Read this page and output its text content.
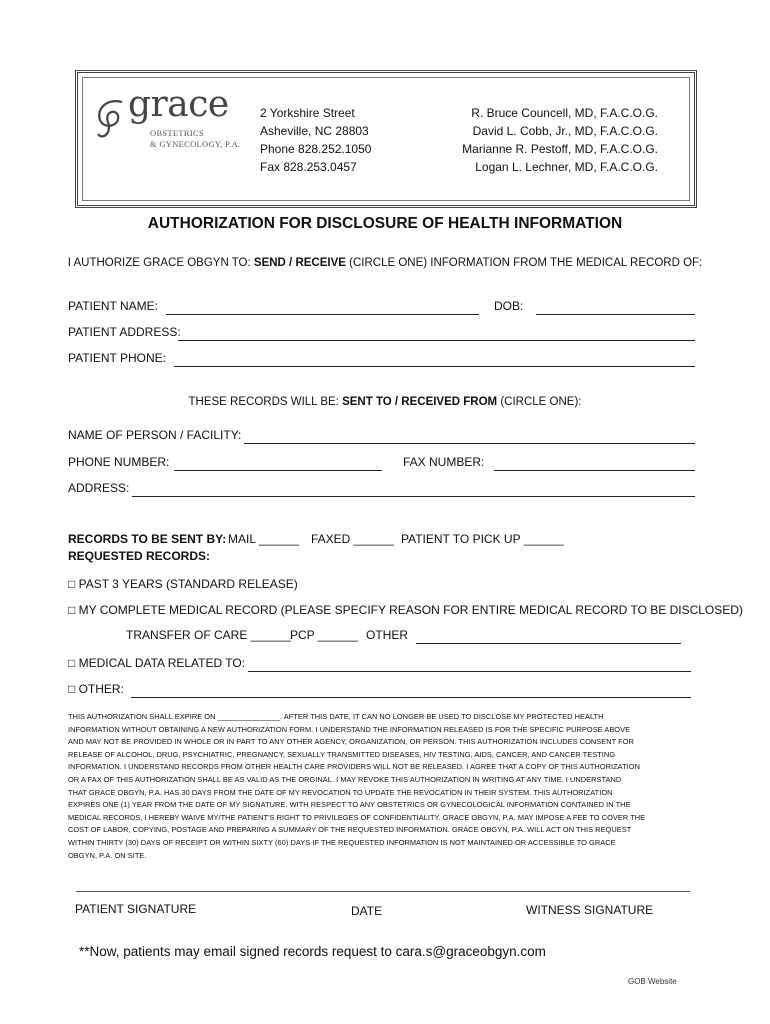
grace
OBSTETRICS
& GYNECOLOGY, P.A.
2 Yorkshire Street
Asheville, NC 28803
Phone 828.252.1050
Fax 828.253.0457
R. Bruce Councell, MD, F.A.C.O.G.
David L. Cobb, Jr., MD, F.A.C.O.G.
Marianne R. Pestoff, MD, F.A.C.O.G.
Logan L. Lechner, MD, F.A.C.O.G.
AUTHORIZATION FOR DISCLOSURE OF HEALTH INFORMATION
I AUTHORIZE GRACE OBGYN TO: SEND / RECEIVE (CIRCLE ONE) INFORMATION FROM THE MEDICAL RECORD OF:
PATIENT NAME:	DOB:
PATIENT ADDRESS:
PATIENT PHONE:
THESE RECORDS WILL BE: SENT TO / RECEIVED FROM (CIRCLE ONE):
NAME OF PERSON / FACILITY:
PHONE NUMBER:	FAX NUMBER:
ADDRESS:
RECORDS TO BE SENT BY: MAIL ______ FAXED ______ PATIENT TO PICK UP ______
REQUESTED RECORDS:
□ PAST 3 YEARS (STANDARD RELEASE)
□ MY COMPLETE MEDICAL RECORD (PLEASE SPECIFY REASON FOR ENTIRE MEDICAL RECORD TO BE DISCLOSED)
TRANSFER OF CARE ______ PCP ______ OTHER
□ MEDICAL DATA RELATED TO:
□ OTHER:
THIS AUTHORIZATION SHALL EXPIRE ON _______________. AFTER THIS DATE, IT CAN NO LONGER BE USED TO DISCLOSE MY PROTECTED HEALTH
INFORMATION WITHOUT OBTAINING A NEW AUTHORIZATION FORM. I UNDERSTAND THE INFORMATION RELEASED IS FOR THE SPECIFIC PURPOSE ABOVE
AND MAY NOT BE PROVIDED IN WHOLE OR IN PART TO ANY OTHER AGENCY, ORGANIZATION, OR PERSON. THIS AUTHORIZATION INCLUDES CONSENT FOR
RELEASE OF ALCOHOL, DRUG, PSYCHIATRIC, PREGNANCY, SEXUALLY TRANSMITTED DISEASES, HIV TESTING, AIDS, CANCER, AND CANCER TESTING
INFORMATION. I UNDERSTAND RECORDS FROM OTHER HEALTH CARE PROVIDERS WILL NOT BE RELEASED. I AGREE THAT A COPY OF THIS AUTHORIZATION
OR A FAX OF THIS AUTHORIZATION SHALL BE AS VALID AS THE ORGINAL. I MAY REVOKE THIS AUTHORIZATION IN WRITING AT ANY TIME. I UNDERSTAND
THAT GRACE OBGYN, P.A. HAS 30 DAYS FROM THE DATE OF MY REVOCATION TO UPDATE THE REVOCATION IN THEIR SYSTEM. THIS AUTHORIZATION
EXPIRES ONE (1) YEAR FROM THE DATE OF MY SIGNATURE. WITH RESPECT TO ANY OBSTETRICS OR GYNECOLOGICAL INFORMATION CONTAINED IN THE
MEDICAL RECORDS, I HEREBY WAIVE MY/THE PATIENT'S RIGHT TO PRIVILEGES OF CONFIDENTIALITY. GRACE OBGYN, P.A. MAY IMPOSE A FEE TO COVER THE
COST OF LABOR, COPYING, POSTAGE AND PREPARING A SUMMARY OF THE REQUESTED INFORMATION. GRACE OBGYN, P.A. WILL ACT ON THIS REQUEST
WITHIN THIRTY (30) DAYS OF RECEIPT OR WITHIN SIXTY (60) DAYS IF THE REQUESTED INFORMATION IS NOT MAINTAINED OR ACCESSIBLE TO GRACE
OBGYN, P.A. ON SITE.
PATIENT SIGNATURE	DATE	WITNESS SIGNATURE
**Now, patients may email signed records request to cara.s@graceobgyn.com
GOB Website
